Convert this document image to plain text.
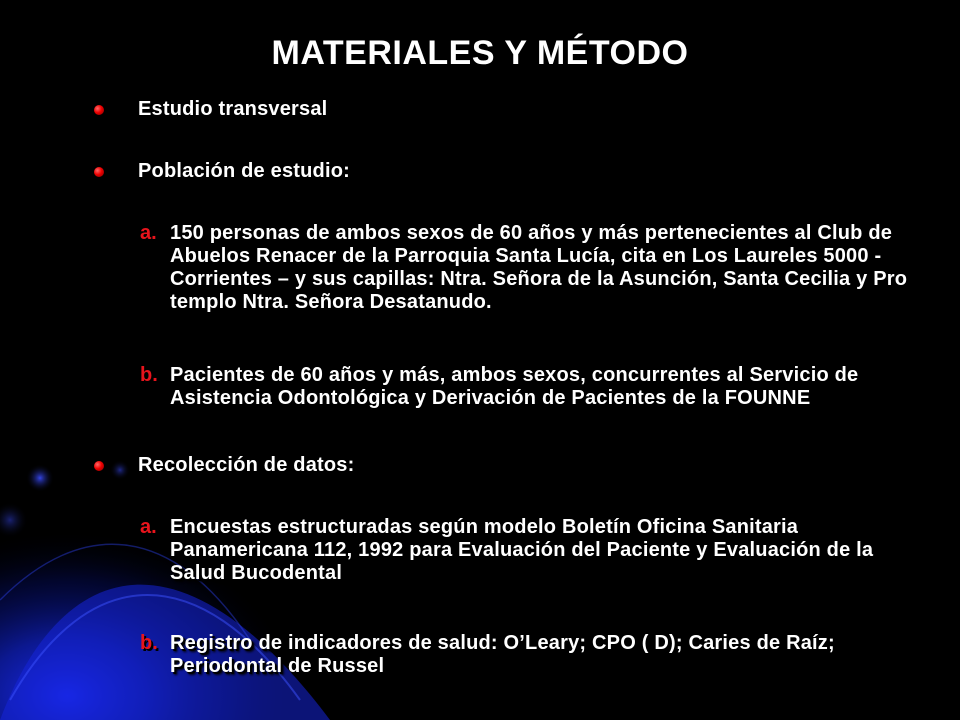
MATERIALES Y MÉTODO
Estudio transversal
Población de estudio:
a. 150 personas de ambos sexos de 60 años y más pertenecientes al Club de Abuelos Renacer de la Parroquia Santa Lucía, cita en Los Laureles 5000 - Corrientes – y sus capillas: Ntra. Señora de la Asunción, Santa Cecilia y Pro templo Ntra. Señora Desatanudo.
b. Pacientes de 60 años y más, ambos sexos, concurrentes al Servicio de Asistencia Odontológica y Derivación de Pacientes de la FOUNNE
Recolección de datos:
a. Encuestas estructuradas según modelo Boletín Oficina Sanitaria Panamericana 112, 1992 para Evaluación del Paciente y Evaluación de la Salud Bucodental
b. Registro de indicadores de salud: O’Leary; CPO ( D); Caries de Raíz; Periodontal de Russel
